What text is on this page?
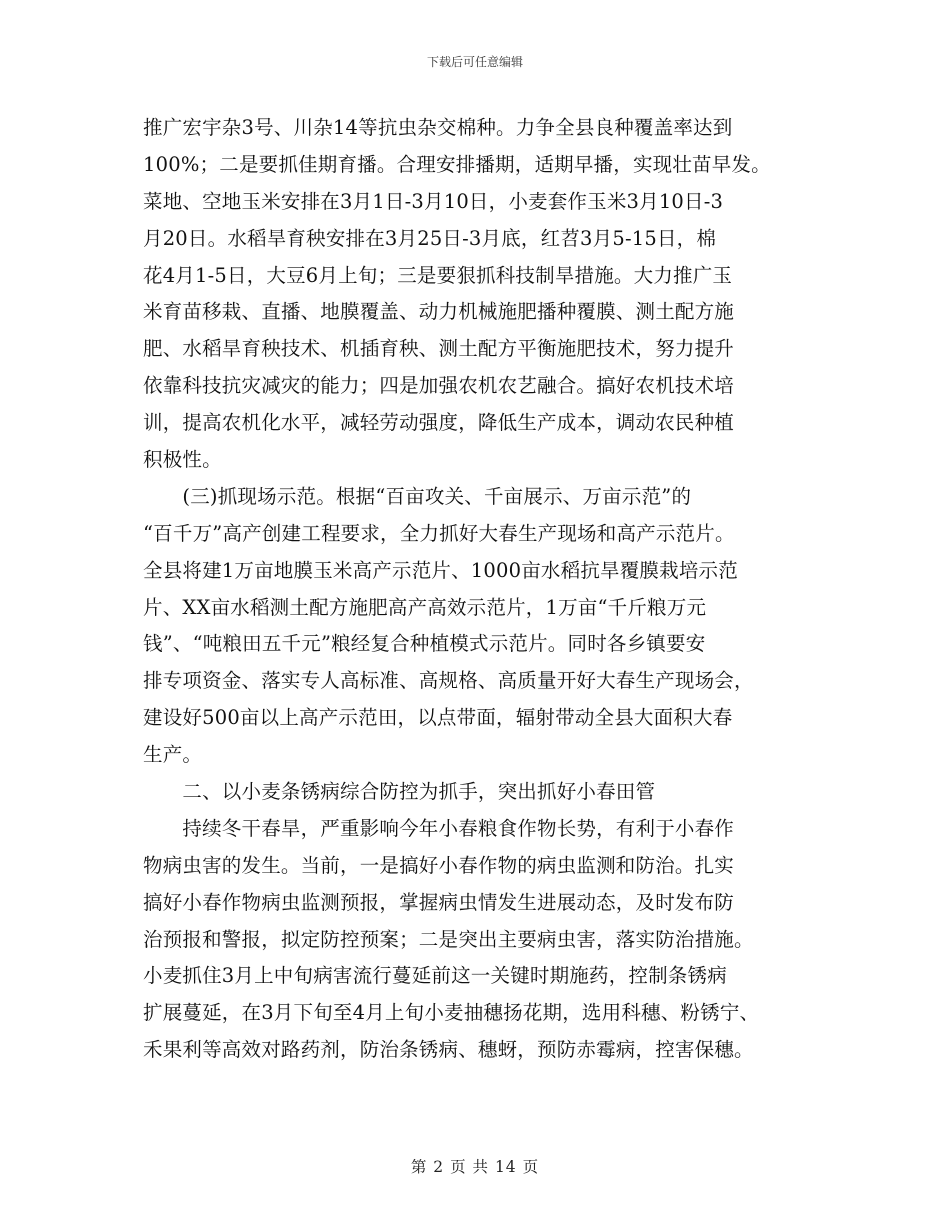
下载后可任意编辑
推广宏宇杂3号、川杂14等抗虫杂交棉种。力争全县良种覆盖率达到
100%；二是要抓佳期育播。合理安排播期，适期早播，实现壮苗早发。
菜地、空地玉米安排在3月1日-3月10日，小麦套作玉米3月10日-3
月20日。水稻旱育秧安排在3月25日-3月底，红苕3月5-15日，棉
花4月1-5日，大豆6月上旬；三是要狠抓科技制旱措施。大力推广玉
米育苗移栽、直播、地膜覆盖、动力机械施肥播种覆膜、测土配方施
肥、水稻旱育秧技术、机插育秧、测土配方平衡施肥技术，努力提升
依靠科技抗灾减灾的能力；四是加强农机农艺融合。搞好农机技术培
训，提高农机化水平，减轻劳动强度，降低生产成本，调动农民种植
积极性。
　　(三)抓现场示范。根据“百亩攻关、千亩展示、万亩示范”的
“百千万”高产创建工程要求，全力抓好大春生产现场和高产示范片。
全县将建1万亩地膜玉米高产示范片、1000亩水稻抗旱覆膜栽培示范
片、XX亩水稻测土配方施肥高产高效示范片，1万亩“千斤粮万元
钱”、“吨粮田五千元”粮经复合种植模式示范片。同时各乡镇要安
排专项资金、落实专人高标准、高规格、高质量开好大春生产现场会，
建设好500亩以上高产示范田，以点带面，辐射带动全县大面积大春
生产。
　　二、以小麦条锈病综合防控为抓手，突出抓好小春田管
　　持续冬干春旱，严重影响今年小春粮食作物长势，有利于小春作
物病虫害的发生。当前，一是搞好小春作物的病虫监测和防治。扎实
搞好小春作物病虫监测预报，掌握病虫情发生进展动态，及时发布防
治预报和警报，拟定防控预案；二是突出主要病虫害，落实防治措施。
小麦抓住3月上中旬病害流行蔓延前这一关键时期施药，控制条锈病
扩展蔓延，在3月下旬至4月上旬小麦抽穗扬花期，选用科穗、粉锈宁、
禾果利等高效对路药剂，防治条锈病、穗蚜，预防赤霉病，控害保穗。
第 2 页 共 14 页
